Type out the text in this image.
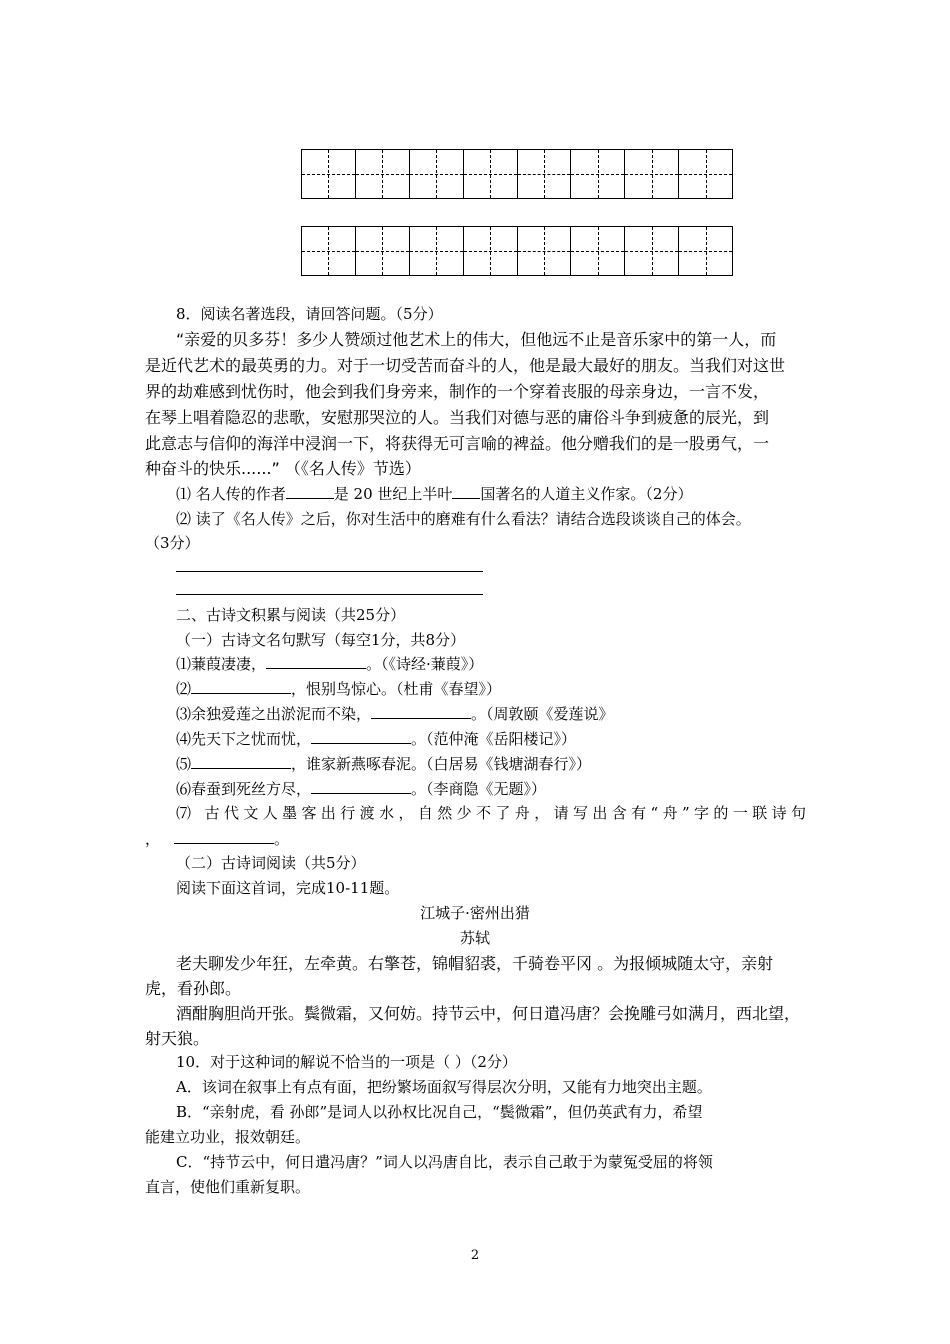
8．阅读名著选段，请回答问题。（5分）
“亲爱的贝多芬！多少人赞颂过他艺术上的伟大，但他远不止是音乐家中的第一人，而
是近代艺术的最英勇的力。对于一切受苦而奋斗的人，他是最大最好的朋友。当我们对这世
界的劫难感到忧伤时，他会到我们身旁来，制作的一个穿着丧服的母亲身边，一言不发，
在琴上唱着隐忍的悲歌，安慰那哭泣的人。当我们对德与恶的庸俗斗争到疲惫的辰光，到
此意志与信仰的海洋中浸润一下，将获得无可言喻的裨益。他分赠我们的是一股勇气，一
种奋斗的快乐......” （《名人传》节选）
⑴ 名人传的作者	是 20 世纪上半叶 国著名的人道主义作家。（2分）
⑵ 读了《名人传》之后，你对生活中的磨难有什么看法？请结合选段谈谈自己的体会。
（3分）
二、古诗文积累与阅读（共25分）
（一）古诗文名句默写（每空1分，共8分）
⑴蒹葭凄凄，	。（《诗经·蒹葭》）
⑵	，恨别鸟惊心。（杜甫《春望》）
⑶余独爱莲之出淤泥而不染，	。（周敦颐《爱莲说》
⑷先天下之忧而忧，	。（范仲淹《岳阳楼记》）
⑸	，谁家新燕啄春泥。（白居易《钱塘湖春行》）
⑹春蚕到死丝方尽，	。（李商隐《无题》）
⑺ 古代文人墨客出行渡水，自然少不了舟，请写出含有“舟”字的一联诗句
，	。
（二）古诗词阅读（共5分）
阅读下面这首词，完成10-11题。
江城子·密州出猎
苏轼
老夫聊发少年狂，左牵黄。右擎苍，锦帽貂裘，千骑卷平冈 。为报倾城随太守，亲射
虎，看孙郎。
酒酣胸胆尚开张。鬓微霜，又何妨。持节云中，何日遣冯唐？会挽雕弓如满月，西北望，
射天狼。
10．对于这种词的解说不恰当的一项是（ ）（2分）
A．该词在叙事上有点有面，把纷繁场面叙写得层次分明，又能有力地突出主题。
B．“亲射虎，看 孙郎”是词人以孙权比况自己，“鬓微霜”，但仍英武有力，希望
能建立功业，报效朝廷。
C．“持节云中，何日遣冯唐？”词人以冯唐自比，表示自己敢于为蒙冤受屈的将领
直言，使他们重新复职。
2
